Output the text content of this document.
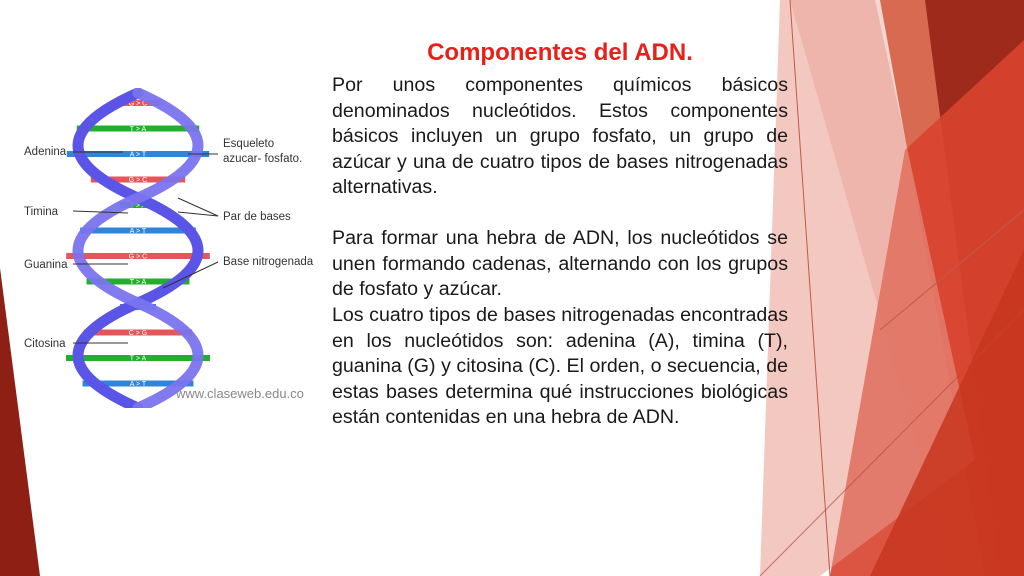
G > C
T > A
A > T
G > C
T > A
A > T
G > C
T > A
A > T
C > G
T > A
A > T
Adenina
Timina
Guanina
Citosina
Esqueleto
azucar- fosfato.
Par de bases
Base nitrogenada
www.claseweb.edu.co
Componentes del ADN.

Por unos componentes químicos básicos denominados nucleótidos. Estos componentes básicos incluyen un grupo fosfato, un grupo de azúcar y una de cuatro tipos de bases nitrogenadas alternativas.

Para formar una hebra de ADN, los nucleótidos se unen formando cadenas, alternando con los grupos de fosfato y azúcar.

Los cuatro tipos de bases nitrogenadas encontradas en los nucleótidos son: adenina (A), timina (T), guanina (G) y citosina (C). El orden, o secuencia, de estas bases determina qué instrucciones biológicas están contenidas en una hebra de ADN.
